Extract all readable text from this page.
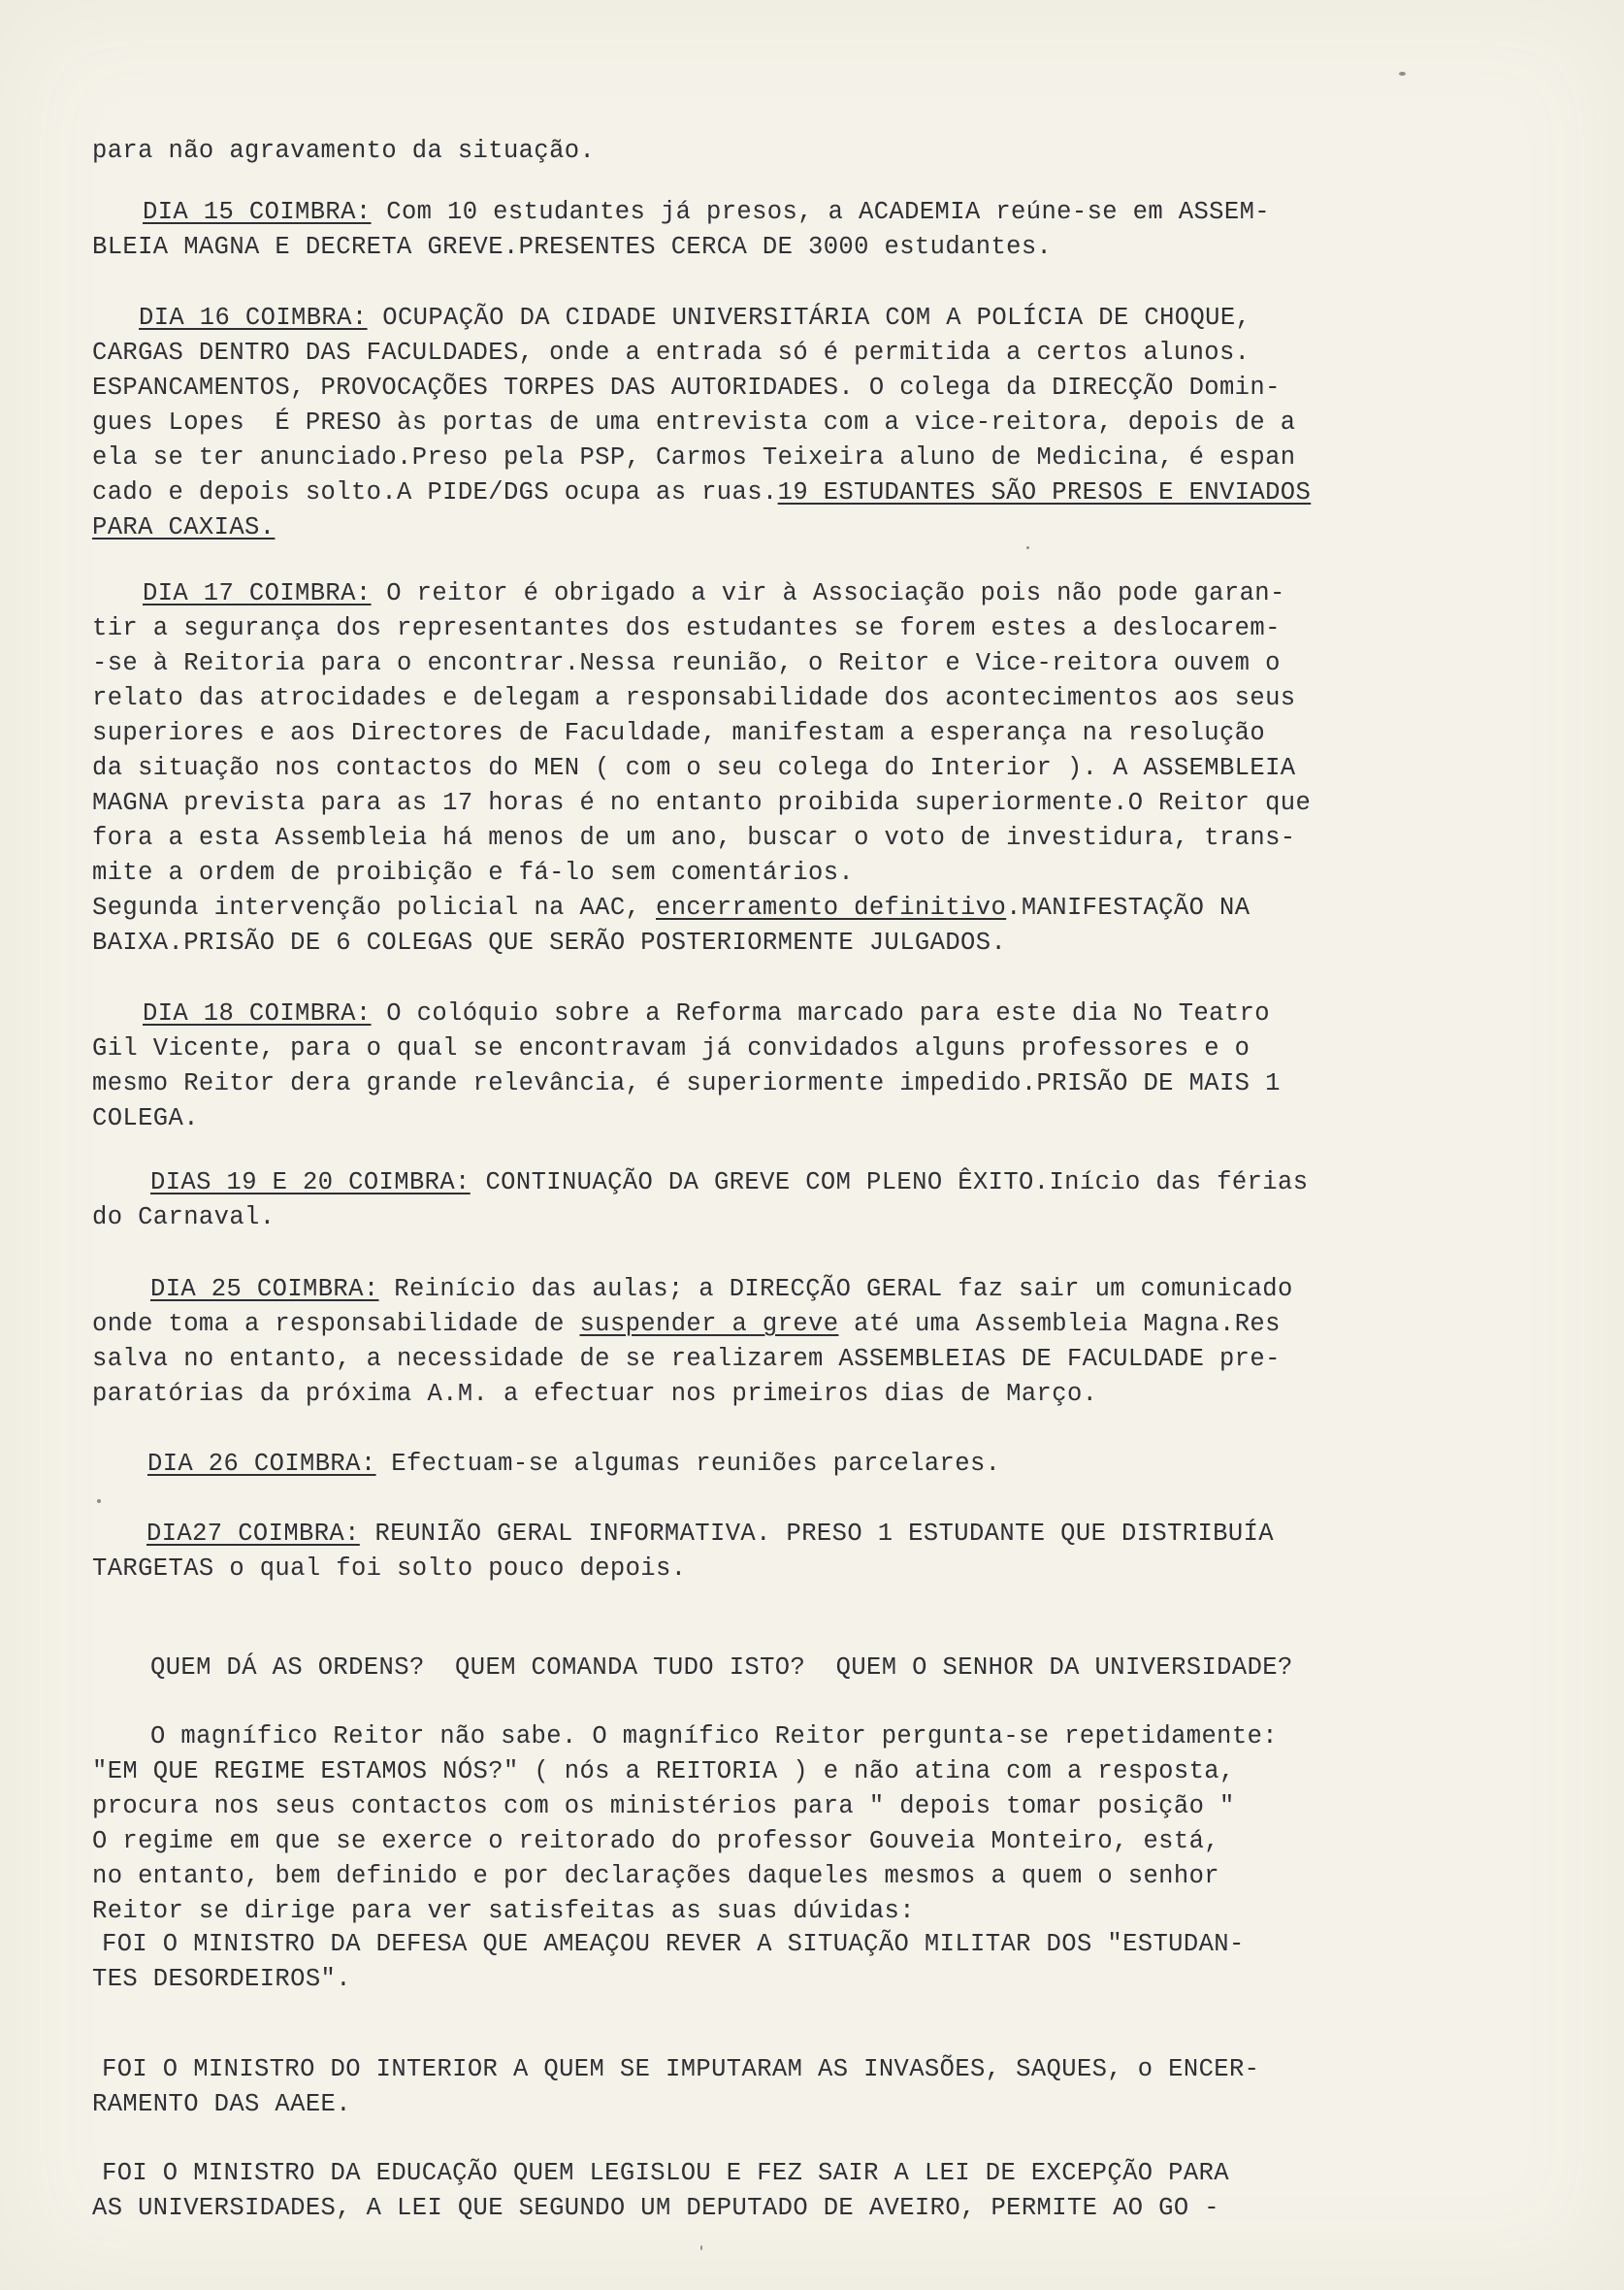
para não agravamento da situação.
DIA 15 COIMBRA: Com 10 estudantes já presos, a ACADEMIA reúne-se em ASSEM-
BLEIA MAGNA E DECRETA GREVE.PRESENTES CERCA DE 3000 estudantes.
DIA 16 COIMBRA: OCUPAÇÃO DA CIDADE UNIVERSITÁRIA COM A POLÍCIA DE CHOQUE,
CARGAS DENTRO DAS FACULDADES, onde a entrada só é permitida a certos alunos.
ESPANCAMENTOS, PROVOCAÇÕES TORPES DAS AUTORIDADES. O colega da DIRECÇÃO Domin-
gues Lopes  É PRESO às portas de uma entrevista com a vice-reitora, depois de a
ela se ter anunciado.Preso pela PSP, Carmos Teixeira aluno de Medicina, é espan
cado e depois solto.A PIDE/DGS ocupa as ruas.19 ESTUDANTES SÃO PRESOS E ENVIADOS
PARA CAXIAS.
DIA 17 COIMBRA: O reitor é obrigado a vir à Associação pois não pode garan-
tir a segurança dos representantes dos estudantes se forem estes a deslocarem-
-se à Reitoria para o encontrar.Nessa reunião, o Reitor e Vice-reitora ouvem o
relato das atrocidades e delegam a responsabilidade dos acontecimentos aos seus
superiores e aos Directores de Faculdade, manifestam a esperança na resolução
da situação nos contactos do MEN ( com o seu colega do Interior ). A ASSEMBLEIA
MAGNA prevista para as 17 horas é no entanto proibida superiormente.O Reitor que
fora a esta Assembleia há menos de um ano, buscar o voto de investidura, trans-
mite a ordem de proibição e fá-lo sem comentários.
Segunda intervenção policial na AAC, encerramento definitivo.MANIFESTAÇÃO NA
BAIXA.PRISÃO DE 6 COLEGAS QUE SERÃO POSTERIORMENTE JULGADOS.
DIA 18 COIMBRA: O colóquio sobre a Reforma marcado para este dia No Teatro
Gil Vicente, para o qual se encontravam já convidados alguns professores e o
mesmo Reitor dera grande relevância, é superiormente impedido.PRISÃO DE MAIS 1
COLEGA.
DIAS 19 E 20 COIMBRA: CONTINUAÇÃO DA GREVE COM PLENO ÊXITO.Início das férias
do Carnaval.
DIA 25 COIMBRA: Reinício das aulas; a DIRECÇÃO GERAL faz sair um comunicado
onde toma a responsabilidade de suspender a greve até uma Assembleia Magna.Res
salva no entanto, a necessidade de se realizarem ASSEMBLEIAS DE FACULDADE pre-
paratórias da próxima A.M. a efectuar nos primeiros dias de Março.
DIA 26 COIMBRA: Efectuam-se algumas reuniões parcelares.
DIA27 COIMBRA: REUNIÃO GERAL INFORMATIVA. PRESO 1 ESTUDANTE QUE DISTRIBUÍA
TARGETAS o qual foi solto pouco depois.
QUEM DÁ AS ORDENS?  QUEM COMANDA TUDO ISTO?  QUEM O SENHOR DA UNIVERSIDADE?
O magnífico Reitor não sabe. O magnífico Reitor pergunta-se repetidamente:
"EM QUE REGIME ESTAMOS NÓS?" ( nós a REITORIA ) e não atina com a resposta,
procura nos seus contactos com os ministérios para " depois tomar posição "
O regime em que se exerce o reitorado do professor Gouveia Monteiro, está,
no entanto, bem definido e por declarações daqueles mesmos a quem o senhor
Reitor se dirige para ver satisfeitas as suas dúvidas:
FOI O MINISTRO DA DEFESA QUE AMEAÇOU REVER A SITUAÇÃO MILITAR DOS "ESTUDAN-
TES DESORDEIROS".
FOI O MINISTRO DO INTERIOR A QUEM SE IMPUTARAM AS INVASÕES, SAQUES, o ENCER-
RAMENTO DAS AAEE.
FOI O MINISTRO DA EDUCAÇÃO QUEM LEGISLOU E FEZ SAIR A LEI DE EXCEPÇÃO PARA
AS UNIVERSIDADES, A LEI QUE SEGUNDO UM DEPUTADO DE AVEIRO, PERMITE AO GO -
